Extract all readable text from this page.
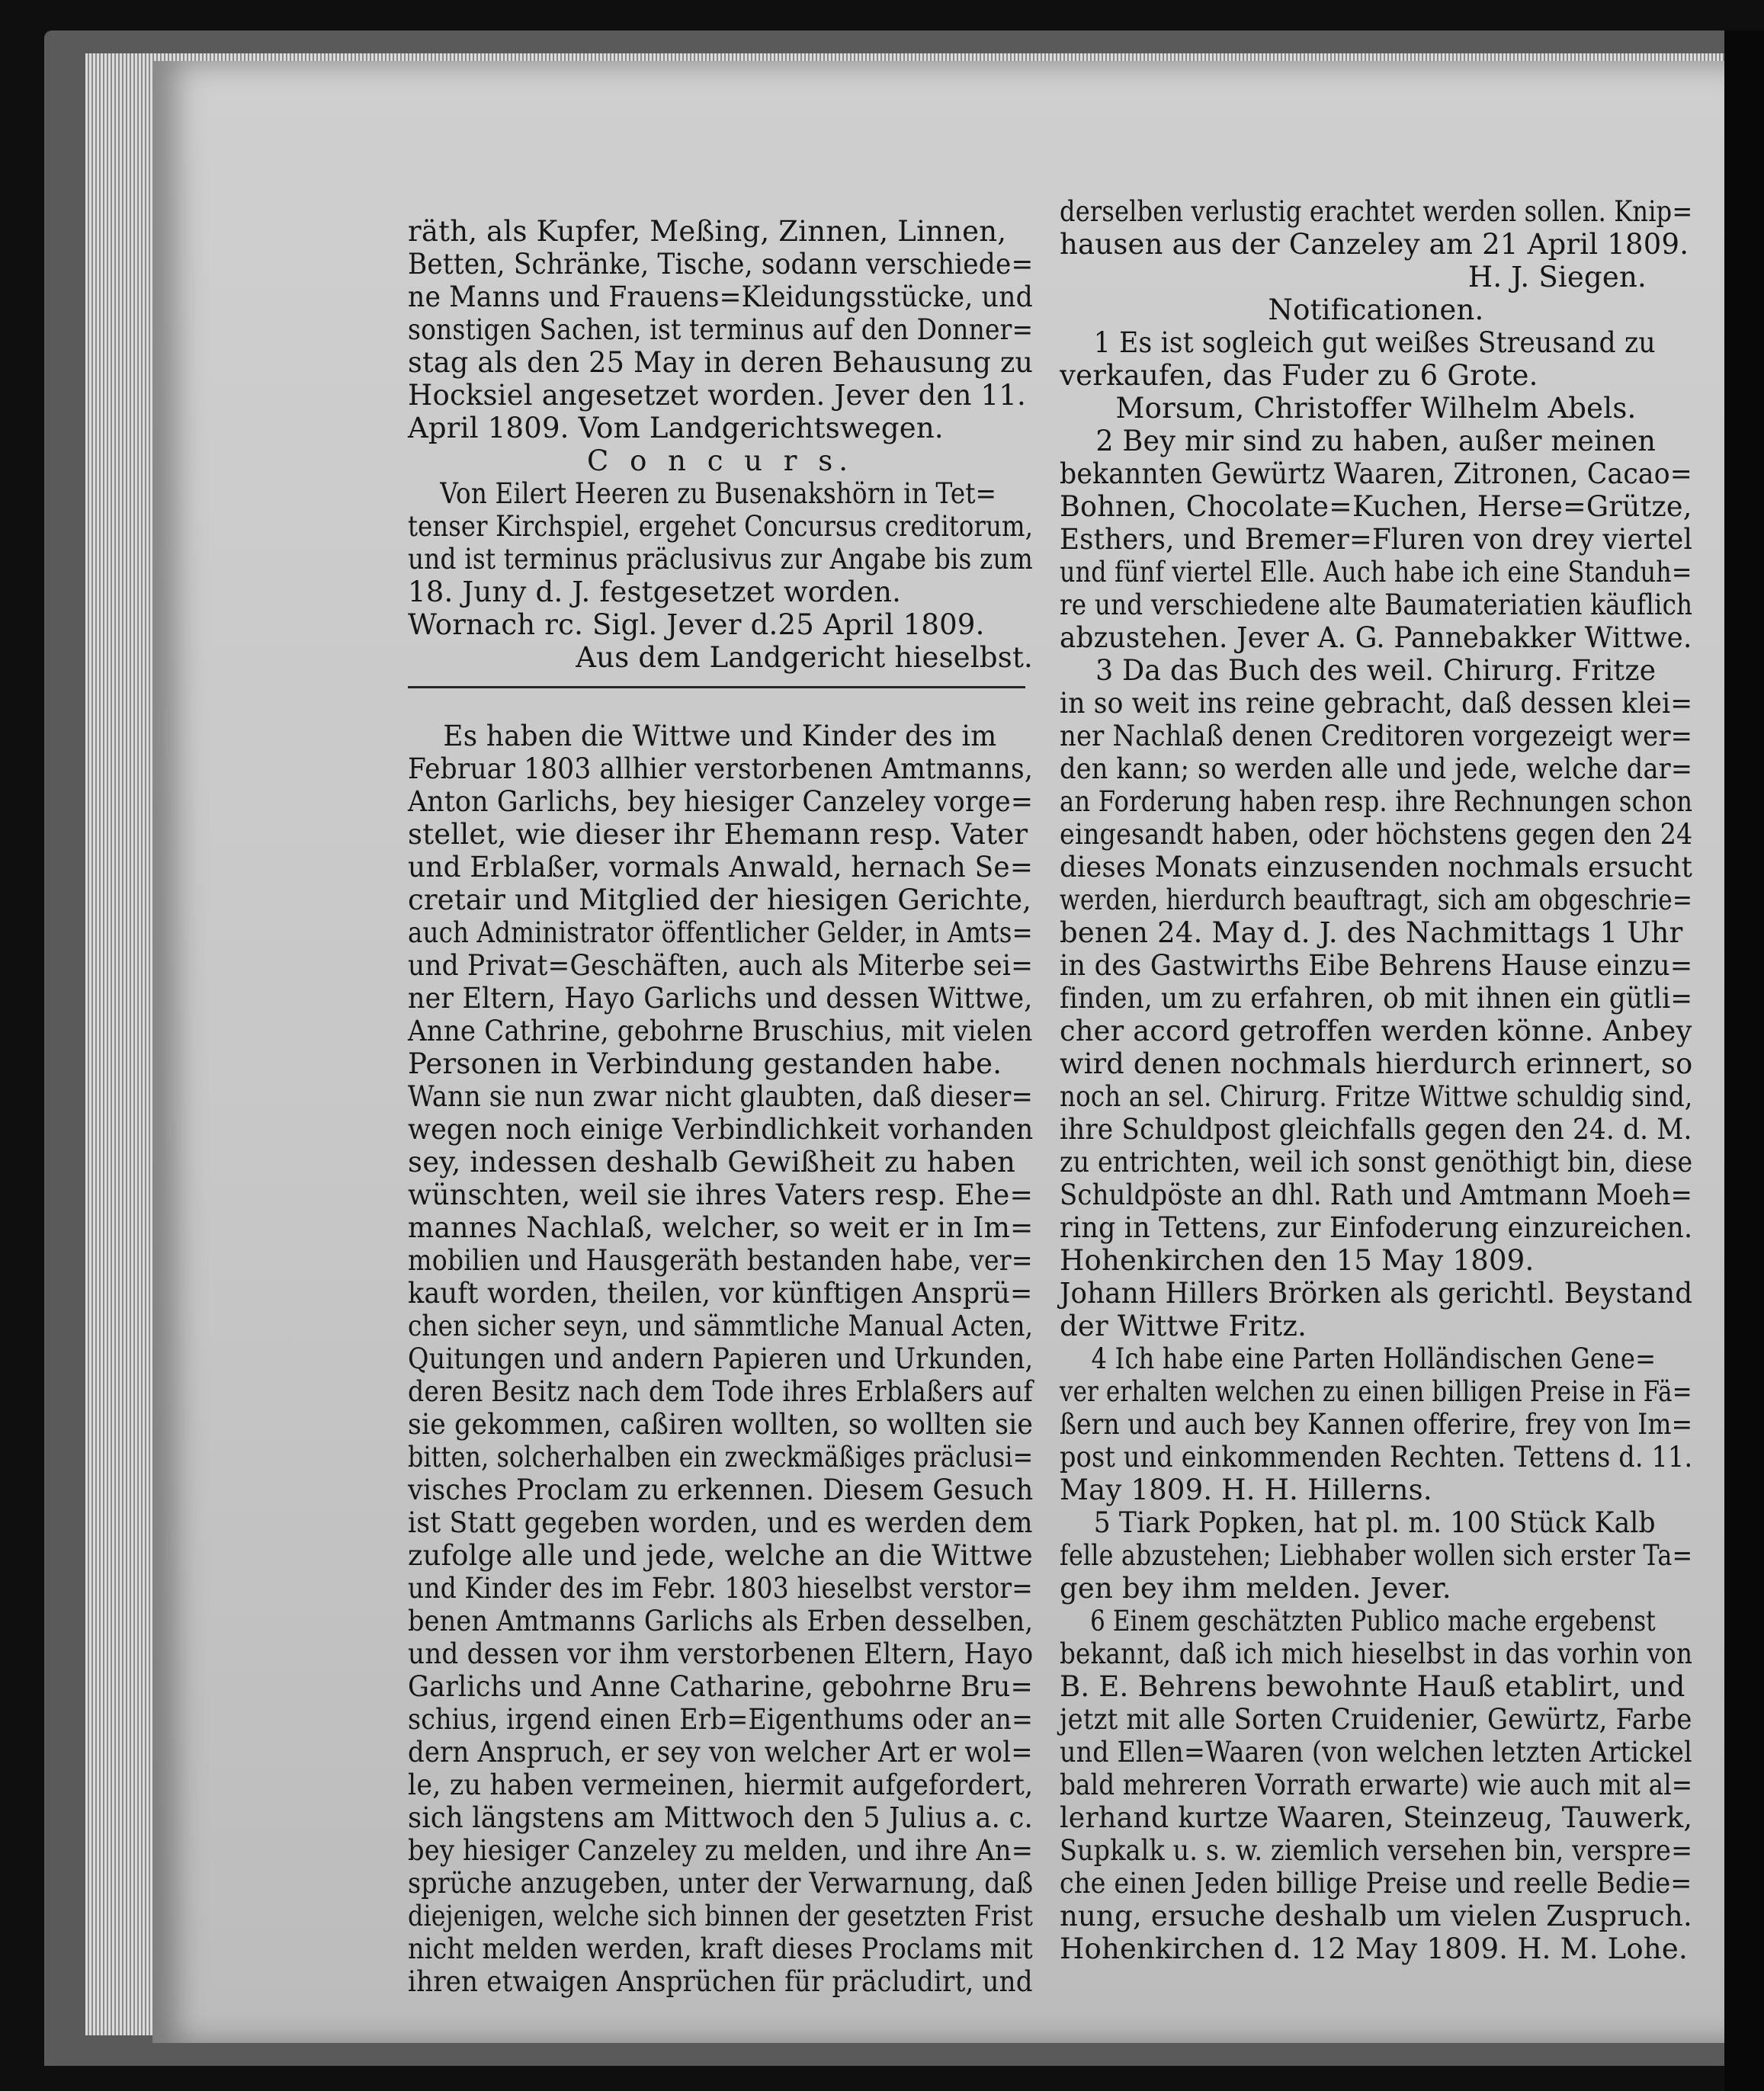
räth, als Kupfer, Meßing, Zinnen, Linnen,

Betten, Schränke, Tische, sodann verschiede=

ne Manns und Frauens=Kleidungsstücke, und

sonstigen Sachen, ist terminus auf den Donner=

stag als den 25 May in deren Behausung zu

Hocksiel angesetzet worden. Jever den 11.

April 1809. Vom Landgerichtswegen.

C o n c u r s.

Von Eilert Heeren zu Busenakshörn in Tet=

tenser Kirchspiel, ergehet Concursus creditorum,

und ist terminus präclusivus zur Angabe bis zum

18. Juny d. J. festgesetzet worden.

Wornach rc. Sigl. Jever d.25 April 1809.

Aus dem Landgericht hieselbst.

Es haben die Wittwe und Kinder des im

Februar 1803 allhier verstorbenen Amtmanns,

Anton Garlichs, bey hiesiger Canzeley vorge=

stellet, wie dieser ihr Ehemann resp. Vater

und Erblaßer, vormals Anwald, hernach Se=

cretair und Mitglied der hiesigen Gerichte,

auch Administrator öffentlicher Gelder, in Amts=

und Privat=Geschäften, auch als Miterbe sei=

ner Eltern, Hayo Garlichs und dessen Wittwe,

Anne Cathrine, gebohrne Bruschius, mit vielen

Personen in Verbindung gestanden habe.

Wann sie nun zwar nicht glaubten, daß dieser=

wegen noch einige Verbindlichkeit vorhanden

sey, indessen deshalb Gewißheit zu haben

wünschten, weil sie ihres Vaters resp. Ehe=

mannes Nachlaß, welcher, so weit er in Im=

mobilien und Hausgeräth bestanden habe, ver=

kauft worden, theilen, vor künftigen Ansprü=

chen sicher seyn, und sämmtliche Manual Acten,

Quitungen und andern Papieren und Urkunden,

deren Besitz nach dem Tode ihres Erblaßers auf

sie gekommen, caßiren wollten, so wollten sie

bitten, solcherhalben ein zweckmäßiges präclusi=

visches Proclam zu erkennen. Diesem Gesuch

ist Statt gegeben worden, und es werden dem

zufolge alle und jede, welche an die Wittwe

und Kinder des im Febr. 1803 hieselbst verstor=

benen Amtmanns Garlichs als Erben desselben,

und dessen vor ihm verstorbenen Eltern, Hayo

Garlichs und Anne Catharine, gebohrne Bru=

schius, irgend einen Erb=Eigenthums oder an=

dern Anspruch, er sey von welcher Art er wol=

le, zu haben vermeinen, hiermit aufgefordert,

sich längstens am Mittwoch den 5 Julius a. c.

bey hiesiger Canzeley zu melden, und ihre An=

sprüche anzugeben, unter der Verwarnung, daß

diejenigen, welche sich binnen der gesetzten Frist

nicht melden werden, kraft dieses Proclams mit

ihren etwaigen Ansprüchen für präcludirt, und

derselben verlustig erachtet werden sollen. Knip=

hausen aus der Canzeley am 21 April 1809.

H. J. Siegen.

Notificationen.

1 Es ist sogleich gut weißes Streusand zu

verkaufen, das Fuder zu 6 Grote.

Morsum, Christoffer Wilhelm Abels.

2 Bey mir sind zu haben, außer meinen

bekannten Gewürtz Waaren, Zitronen, Cacao=

Bohnen, Chocolate=Kuchen, Herse=Grütze,

Esthers, und Bremer=Fluren von drey viertel

und fünf viertel Elle. Auch habe ich eine Standuh=

re und verschiedene alte Baumateriatien käuflich

abzustehen. Jever A. G. Pannebakker Wittwe.

3 Da das Buch des weil. Chirurg. Fritze

in so weit ins reine gebracht, daß dessen klei=

ner Nachlaß denen Creditoren vorgezeigt wer=

den kann; so werden alle und jede, welche dar=

an Forderung haben resp. ihre Rechnungen schon

eingesandt haben, oder höchstens gegen den 24

dieses Monats einzusenden nochmals ersucht

werden, hierdurch beauftragt, sich am obgeschrie=

benen 24. May d. J. des Nachmittags 1 Uhr

in des Gastwirths Eibe Behrens Hause einzu=

finden, um zu erfahren, ob mit ihnen ein gütli=

cher accord getroffen werden könne. Anbey

wird denen nochmals hierdurch erinnert, so

noch an sel. Chirurg. Fritze Wittwe schuldig sind,

ihre Schuldpost gleichfalls gegen den 24. d. M.

zu entrichten, weil ich sonst genöthigt bin, diese

Schuldpöste an dhl. Rath und Amtmann Moeh=

ring in Tettens, zur Einfoderung einzureichen.

Hohenkirchen den 15 May 1809.

Johann Hillers Brörken als gerichtl. Beystand

der Wittwe Fritz.

4 Ich habe eine Parten Holländischen Gene=

ver erhalten welchen zu einen billigen Preise in Fä=

ßern und auch bey Kannen offerire, frey von Im=

post und einkommenden Rechten. Tettens d. 11.

May 1809. H. H. Hillerns.

5 Tiark Popken, hat pl. m. 100 Stück Kalb

felle abzustehen; Liebhaber wollen sich erster Ta=

gen bey ihm melden. Jever.

6 Einem geschätzten Publico mache ergebenst

bekannt, daß ich mich hieselbst in das vorhin von

B. E. Behrens bewohnte Hauß etablirt, und

jetzt mit alle Sorten Cruidenier, Gewürtz, Farbe

und Ellen=Waaren (von welchen letzten Artickel

bald mehreren Vorrath erwarte) wie auch mit al=

lerhand kurtze Waaren, Steinzeug, Tauwerk,

Supkalk u. s. w. ziemlich versehen bin, verspre=

che einen Jeden billige Preise und reelle Bedie=

nung, ersuche deshalb um vielen Zuspruch.

Hohenkirchen d. 12 May 1809. H. M. Lohe.
